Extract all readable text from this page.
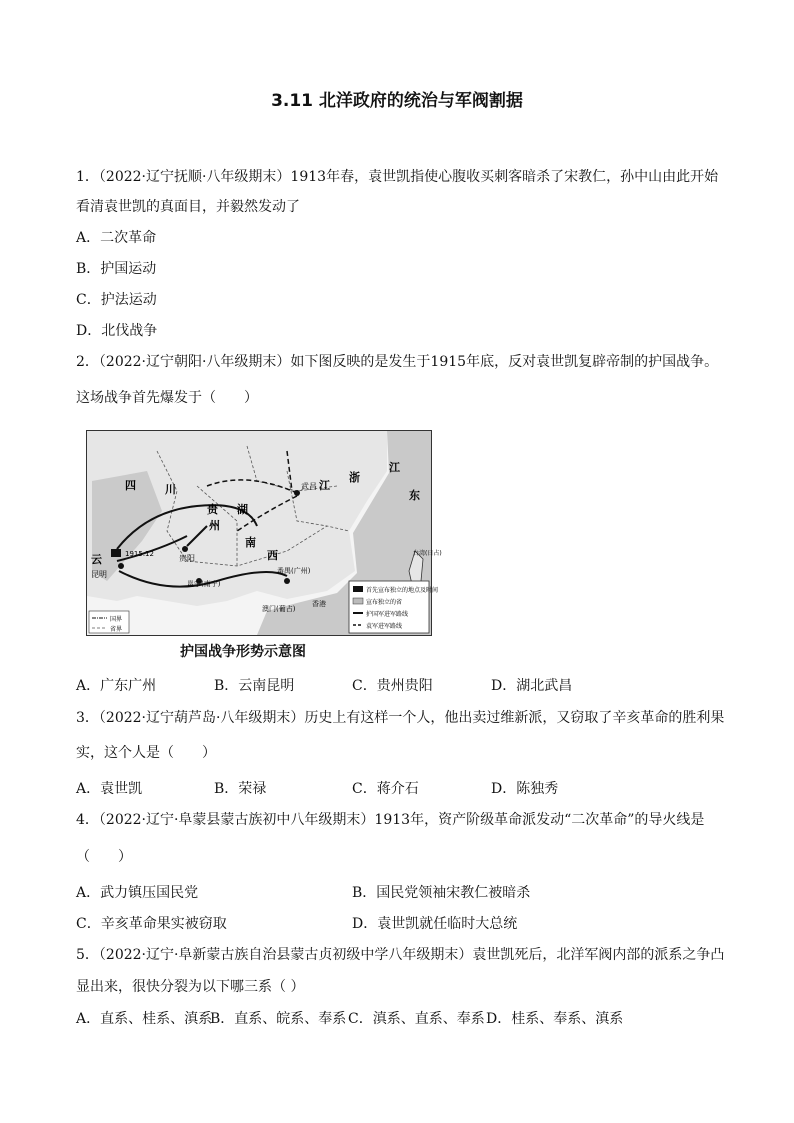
3.11 北洋政府的统治与军阀割据
1．（2022·辽宁抚顺·八年级期末）1913年春，袁世凯指使心腹收买刺客暗杀了宋教仁，孙中山由此开始
看清袁世凯的真面目，并毅然发动了
A．二次革命
B．护国运动
C．护法运动
D．北伐战争
2．（2022·辽宁朝阳·八年级期末）如下图反映的是发生于1915年底，反对袁世凯复辟帝制的护国战争。
这场战争首先爆发于（　　）
四	川
贵
州
湖
南
西
江
浙
江
东
云
昆明
1915.12	贵阳
武昌
邕宁(南宁)
番禺(广州)
香港
澳门(葡占)
台湾(日占)
首先宣布独立的地点及时间
宣布独立的省
护国军进军路线
袁军进军路线
国界
省界
护国战争形势示意图
A．广东广州	B．云南昆明	C．贵州贵阳	D．湖北武昌
3．（2022·辽宁葫芦岛·八年级期末）历史上有这样一个人，他出卖过维新派，又窃取了辛亥革命的胜利果
实，这个人是（　　）
A．袁世凯	B．荣禄	C．蒋介石	D．陈独秀
4．（2022·辽宁·阜蒙县蒙古族初中八年级期末）1913年，资产阶级革命派发动“二次革命”的导火线是
（　　）
A．武力镇压国民党	B．国民党领袖宋教仁被暗杀
C．辛亥革命果实被窃取	D．袁世凯就任临时大总统
5．（2022·辽宁·阜新蒙古族自治县蒙古贞初级中学八年级期末）袁世凯死后，北洋军阀内部的派系之争凸
显出来，很快分裂为以下哪三系（ ）
A．直系、桂系、滇系
B．直系、皖系、奉系 C．滇系、直系、奉系 D．桂系、奉系、滇系
